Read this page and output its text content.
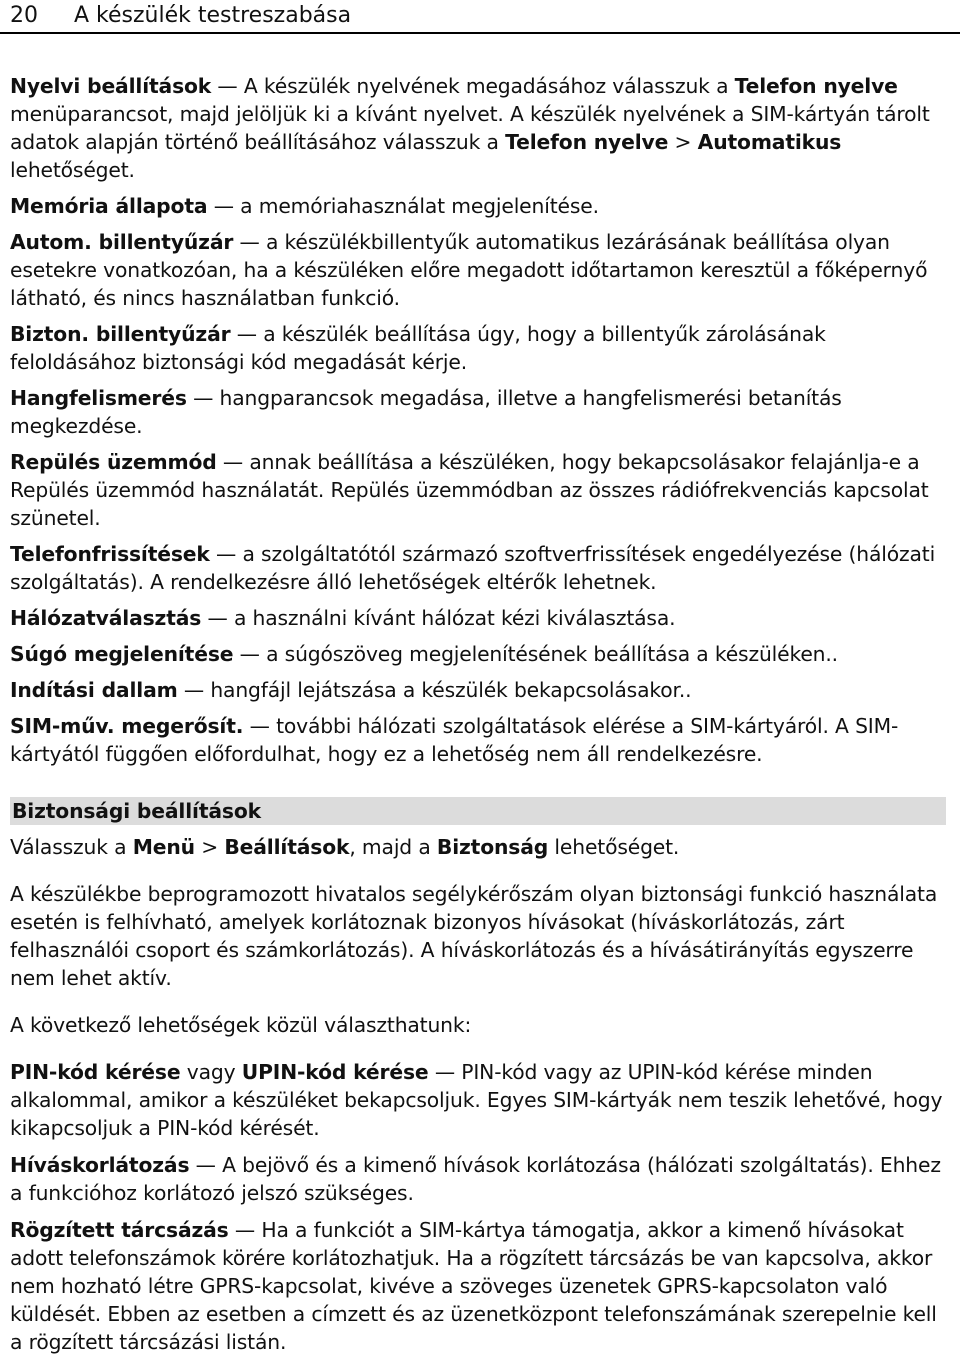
20 A készülék testreszabása

Nyelvi beállítások — A készülék nyelvének megadásához válasszuk a Telefon nyelve menüparancsot, majd jelöljük ki a kívánt nyelvet. A készülék nyelvének a SIM-kártyán tárolt adatok alapján történő beállításához válasszuk a Telefon nyelve > Automatikus lehetőséget.

Memória állapota — a memóriahasználat megjelenítése.

Autom. billentyűzár — a készülékbillentyűk automatikus lezárásának beállítása olyan esetekre vonatkozóan, ha a készüléken előre megadott időtartamon keresztül a főképernyő látható, és nincs használatban funkció.

Bizton. billentyűzár — a készülék beállítása úgy, hogy a billentyűk zárolásának feloldásához biztonsági kód megadását kérje.

Hangfelismerés — hangparancsok megadása, illetve a hangfelismerési betanítás megkezdése.

Repülés üzemmód — annak beállítása a készüléken, hogy bekapcsolásakor felajánlja-e a Repülés üzemmód használatát. Repülés üzemmódban az összes rádiófrekvenciás kapcsolat szünetel.

Telefonfrissítések — a szolgáltatótól származó szoftverfrissítések engedélyezése (hálózati szolgáltatás). A rendelkezésre álló lehetőségek eltérők lehetnek.

Hálózatválasztás — a használni kívánt hálózat kézi kiválasztása.

Súgó megjelenítése — a súgószöveg megjelenítésének beállítása a készüléken..

Indítási dallam — hangfájl lejátszása a készülék bekapcsolásakor..

SIM-műv. megerősít. — további hálózati szolgáltatások elérése a SIM-kártyáról. A SIM-kártyától függően előfordulhat, hogy ez a lehetőség nem áll rendelkezésre.

Biztonsági beállítások

Válasszuk a Menü > Beállítások, majd a Biztonság lehetőséget.

A készülékbe beprogramozott hivatalos segélykérőszám olyan biztonsági funkció használata esetén is felhívható, amelyek korlátoznak bizonyos hívásokat (híváskorlátozás, zárt felhasználói csoport és számkorlátozás). A híváskorlátozás és a hívásátirányítás egyszerre nem lehet aktív.

A következő lehetőségek közül választhatunk:

PIN-kód kérése vagy UPIN-kód kérése — PIN-kód vagy az UPIN-kód kérése minden alkalommal, amikor a készüléket bekapcsoljuk. Egyes SIM-kártyák nem teszik lehetővé, hogy kikapcsoljuk a PIN-kód kérését.

Híváskorlátozás — A bejövő és a kimenő hívások korlátozása (hálózati szolgáltatás). Ehhez a funkcióhoz korlátozó jelszó szükséges.

Rögzített tárcsázás — Ha a funkciót a SIM-kártya támogatja, akkor a kimenő hívásokat adott telefonszámok körére korlátozhatjuk. Ha a rögzített tárcsázás be van kapcsolva, akkor nem hozható létre GPRS-kapcsolat, kivéve a szöveges üzenetek GPRS-kapcsolaton való küldését. Ebben az esetben a címzett és az üzenetközpont telefonszámának szerepelnie kell a rögzített tárcsázási listán.
